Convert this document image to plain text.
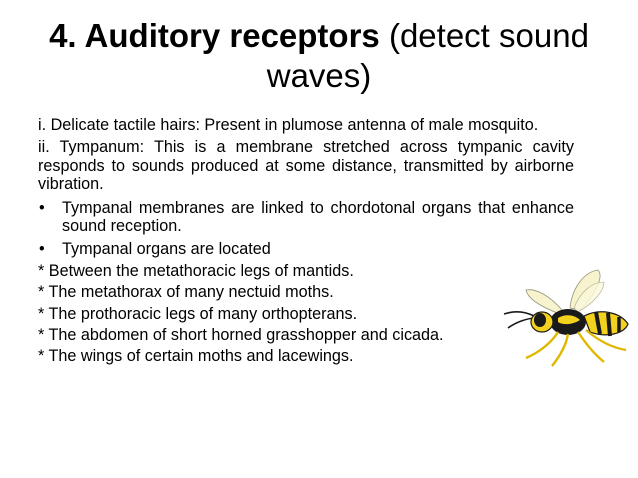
4. Auditory receptors (detect sound waves)

i. Delicate tactile hairs: Present in plumose antenna of male mosquito.

ii. Tympanum: This is a membrane stretched across tympanic cavity responds to sounds produced at some distance, transmitted by airborne vibration.

• Tympanal membranes are linked to chordotonal organs that enhance sound reception.
• Tympanal organs are located

* Between the metathoracic legs of mantids.

* The metathorax of many nectuid moths.

* The prothoracic legs of many orthopterans.

* The abdomen of short horned grasshopper and cicada.

* The wings of certain moths and lacewings.
